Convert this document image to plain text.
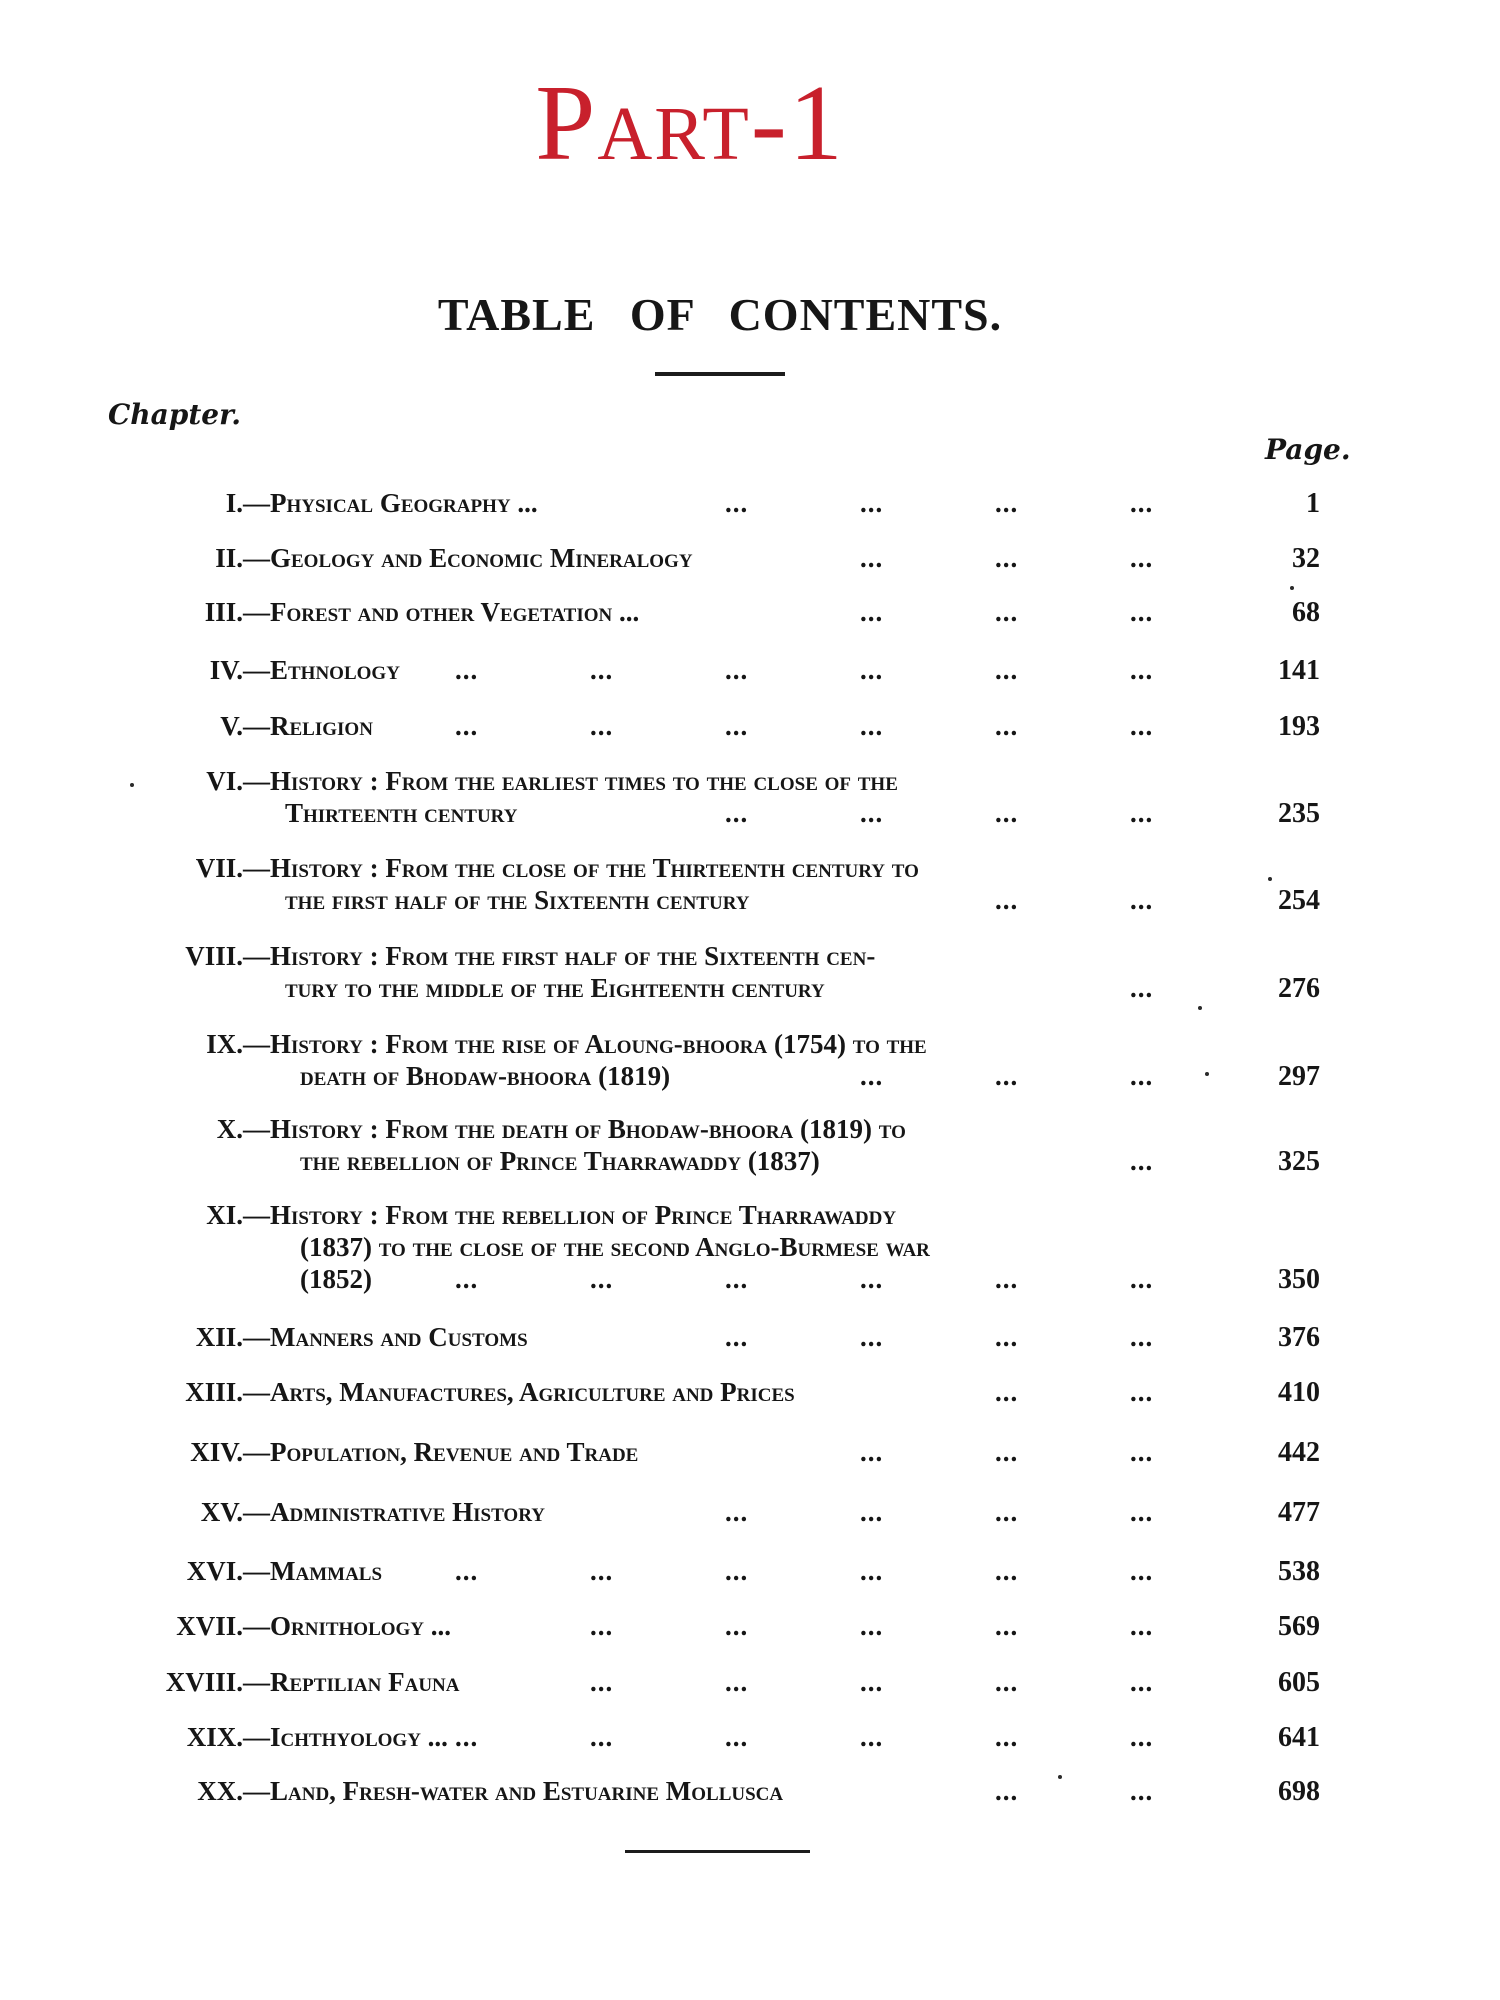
Part-1
TABLE OF CONTENTS.
Chapter.
Page.
I. —Physical Geography ...	...	...	...	...	1
II. —Geology and Economic Mineralogy	...	...	...	32
III. —Forest and other Vegetation ...	...	...	...	68
IV. —Ethnology ...	...	...	...	...	...	141
V. —Religion	...	...	...	...	...	...	193
VI. —History : From the earliest times to the close of the
Thirteenth century	...	...	...	...	235
VII. —History : From the close of the Thirteenth century to
the first half of the Sixteenth century	...	...	254
VIII. —History : From the first half of the Sixteenth cen-
tury to the middle of the Eighteenth century	...	276
IX. —History : From the rise of Aloung-bhoora (1754) to the
death of Bhodaw-bhoora (1819)	...	...	...	297
X. —History : From the death of Bhodaw-bhoora (1819) to
the rebellion of Prince Tharrawaddy (1837)	...	325
XI. —History : From the rebellion of Prince Tharrawaddy
(1837) to the close of the second Anglo-Burmese war
(1852)	...	...	...	...	...	...	350
XII. —Manners and Customs	...	...	...	...	376
XIII. —Arts, Manufactures, Agriculture and Prices	...	...	410
XIV. —Population, Revenue and Trade	...	...	...	442
XV. —Administrative History	...	...	...	...	477
XVI. —Mammals	...	...	...	...	...	...	538
XVII. —Ornithology ...	...	...	...	...	...	569
XVIII. —Reptilian Fauna	...	...	...	...	...	605
XIX. —Ichthyology ... ...	...	...	...	...	...	641
XX. —Land, Fresh-water and Estuarine Mollusca	...	...	698
